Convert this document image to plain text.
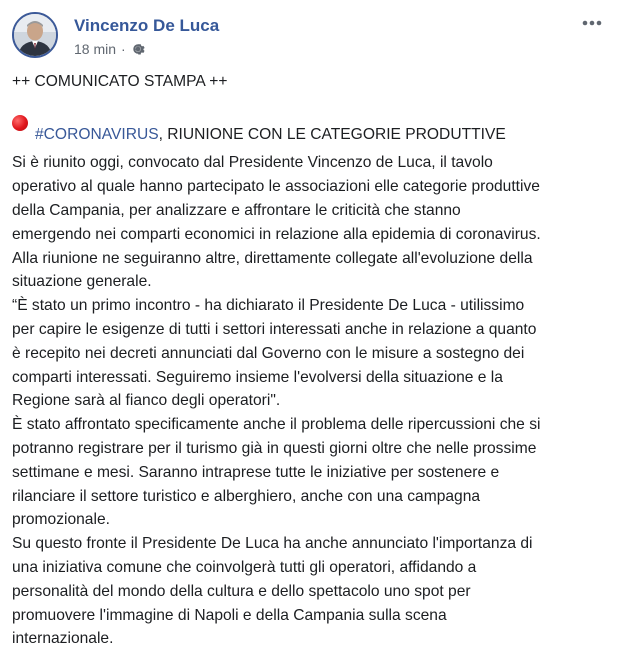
Vincenzo De Luca
18 min ·

++ COMUNICATO STAMPA ++

#CORONAVIRUS, RIUNIONE CON LE CATEGORIE PRODUTTIVE

Si è riunito oggi, convocato dal Presidente Vincenzo de Luca, il tavolo
operativo al quale hanno partecipato le associazioni elle categorie produttive
della Campania, per analizzare e affrontare le criticità che stanno
emergendo nei comparti economici in relazione alla epidemia di coronavirus.
Alla riunione ne seguiranno altre, direttamente collegate all'evoluzione della
situazione generale.
“È stato un primo incontro - ha dichiarato il Presidente De Luca - utilissimo
per capire le esigenze di tutti i settori interessati anche in relazione a quanto
è recepito nei decreti annunciati dal Governo con le misure a sostegno dei
comparti interessati. Seguiremo insieme l'evolversi della situazione e la
Regione sarà al fianco degli operatori".
È stato affrontato specificamente anche il problema delle ripercussioni che si
potranno registrare per il turismo già in questi giorni oltre che nelle prossime
settimane e mesi. Saranno intraprese tutte le iniziative per sostenere e
rilanciare il settore turistico e alberghiero, anche con una campagna
promozionale.
Su questo fronte il Presidente De Luca ha anche annunciato l'importanza di
una iniziativa comune che coinvolgerà tutti gli operatori, affidando a
personalità del mondo della cultura e dello spettacolo uno spot per
promuovere l'immagine di Napoli e della Campania sulla scena
internazionale.
